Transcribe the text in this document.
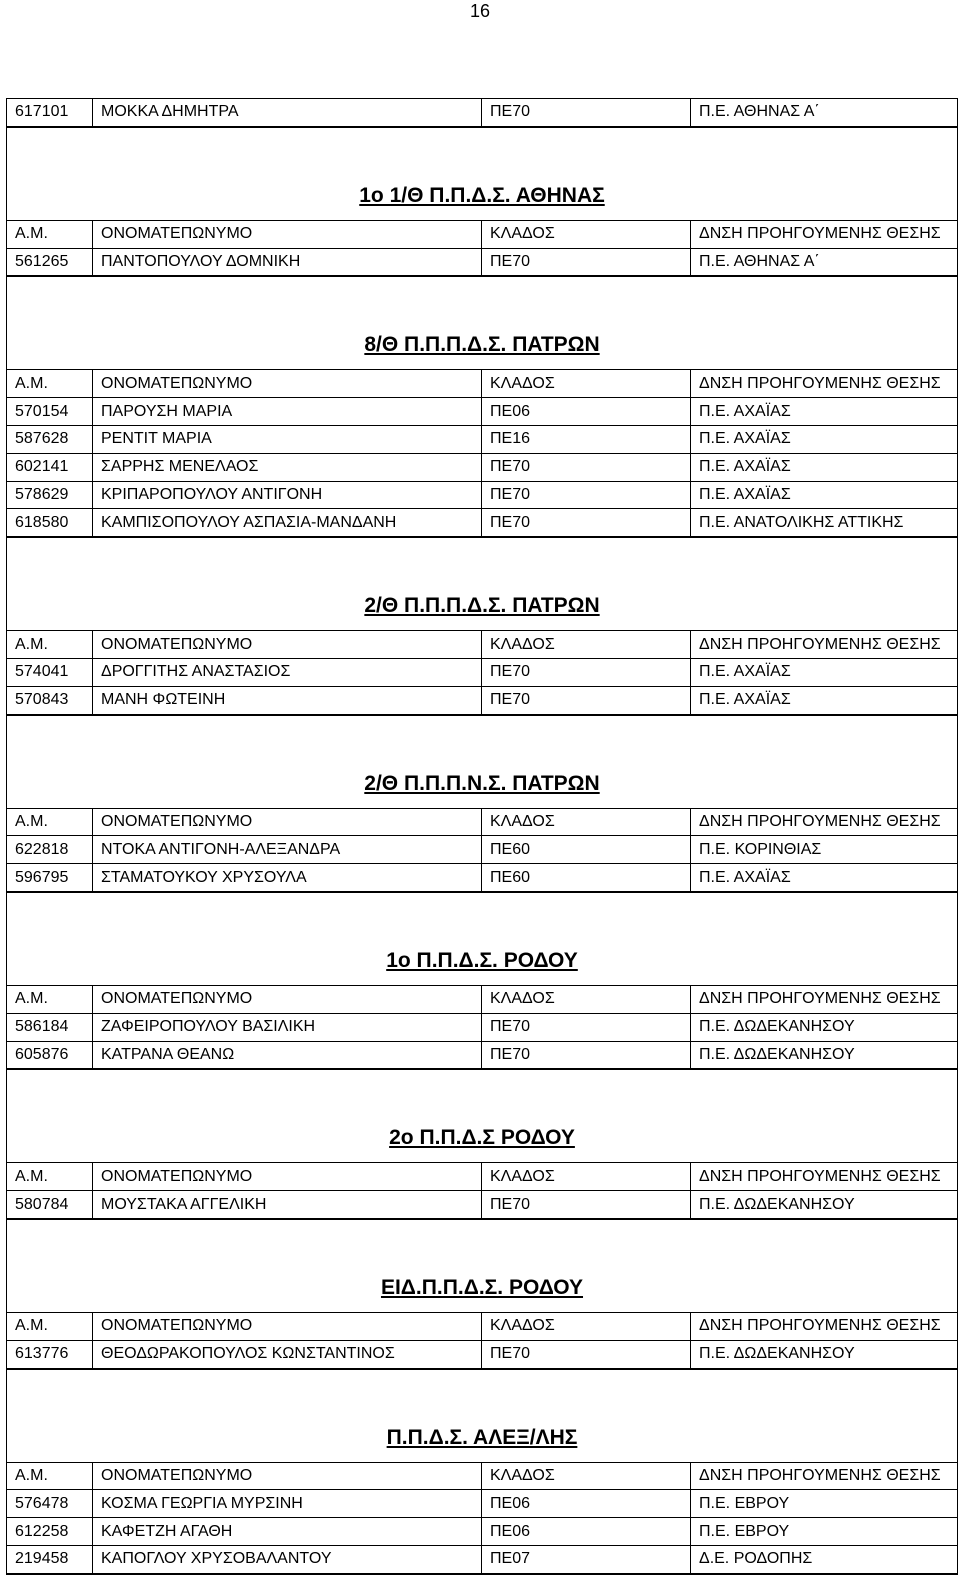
16
617101	ΜΟΚΚΑ ΔΗΜΗΤΡΑ	ΠΕ70	Π.Ε. ΑΘΗΝΑΣ Α΄
1ο 1/Θ Π.Π.Δ.Σ. ΑΘΗΝΑΣ
Α.Μ.	ΟΝΟΜΑΤΕΠΩΝΥΜΟ	ΚΛΑΔΟΣ	ΔΝΣΗ ΠΡΟΗΓΟΥΜΕΝΗΣ ΘΕΣΗΣ
561265	ΠΑΝΤΟΠΟΥΛΟΥ ΔΟΜΝΙΚΗ	ΠΕ70	Π.Ε. ΑΘΗΝΑΣ Α΄
8/Θ Π.Π.Π.Δ.Σ. ΠΑΤΡΩΝ
Α.Μ.	ΟΝΟΜΑΤΕΠΩΝΥΜΟ	ΚΛΑΔΟΣ	ΔΝΣΗ ΠΡΟΗΓΟΥΜΕΝΗΣ ΘΕΣΗΣ
570154	ΠΑΡΟΥΣΗ ΜΑΡΙΑ	ΠΕ06	Π.Ε. ΑΧΑΪΑΣ
587628	ΡΕΝΤΙΤ ΜΑΡΙΑ	ΠΕ16	Π.Ε. ΑΧΑΪΑΣ
602141	ΣΑΡΡΗΣ ΜΕΝΕΛΑΟΣ	ΠΕ70	Π.Ε. ΑΧΑΪΑΣ
578629	ΚΡΙΠΑΡΟΠΟΥΛΟΥ ΑΝΤΙΓΟΝΗ	ΠΕ70	Π.Ε. ΑΧΑΪΑΣ
618580	ΚΑΜΠΙΣΟΠΟΥΛΟΥ ΑΣΠΑΣΙΑ-ΜΑΝΔΑΝΗ	ΠΕ70	Π.Ε. ΑΝΑΤΟΛΙΚΗΣ ΑΤΤΙΚΗΣ
2/Θ Π.Π.Π.Δ.Σ. ΠΑΤΡΩΝ
Α.Μ.	ΟΝΟΜΑΤΕΠΩΝΥΜΟ	ΚΛΑΔΟΣ	ΔΝΣΗ ΠΡΟΗΓΟΥΜΕΝΗΣ ΘΕΣΗΣ
574041	ΔΡΟΓΓΙΤΗΣ ΑΝΑΣΤΑΣΙΟΣ	ΠΕ70	Π.Ε. ΑΧΑΪΑΣ
570843	ΜΑΝΗ ΦΩΤΕΙΝΗ	ΠΕ70	Π.Ε. ΑΧΑΪΑΣ
2/Θ Π.Π.Π.Ν.Σ. ΠΑΤΡΩΝ
Α.Μ.	ΟΝΟΜΑΤΕΠΩΝΥΜΟ	ΚΛΑΔΟΣ	ΔΝΣΗ ΠΡΟΗΓΟΥΜΕΝΗΣ ΘΕΣΗΣ
622818	ΝΤΟΚΑ ΑΝΤΙΓΟΝΗ-ΑΛΕΞΑΝΔΡΑ	ΠΕ60	Π.Ε. ΚΟΡΙΝΘΙΑΣ
596795	ΣΤΑΜΑΤΟΥΚΟΥ ΧΡΥΣΟΥΛΑ	ΠΕ60	Π.Ε. ΑΧΑΪΑΣ
1ο Π.Π.Δ.Σ. ΡΟΔΟΥ
Α.Μ.	ΟΝΟΜΑΤΕΠΩΝΥΜΟ	ΚΛΑΔΟΣ	ΔΝΣΗ ΠΡΟΗΓΟΥΜΕΝΗΣ ΘΕΣΗΣ
586184	ΖΑΦΕΙΡΟΠΟΥΛΟΥ ΒΑΣΙΛΙΚΗ	ΠΕ70	Π.Ε. ΔΩΔΕΚΑΝΗΣΟΥ
605876	ΚΑΤΡΑΝΑ ΘΕΑΝΩ	ΠΕ70	Π.Ε. ΔΩΔΕΚΑΝΗΣΟΥ
2ο Π.Π.Δ.Σ ΡΟΔΟΥ
Α.Μ.	ΟΝΟΜΑΤΕΠΩΝΥΜΟ	ΚΛΑΔΟΣ	ΔΝΣΗ ΠΡΟΗΓΟΥΜΕΝΗΣ ΘΕΣΗΣ
580784	ΜΟΥΣΤΑΚΑ ΑΓΓΕΛΙΚΗ	ΠΕ70	Π.Ε. ΔΩΔΕΚΑΝΗΣΟΥ
ΕΙΔ.Π.Π.Δ.Σ. ΡΟΔΟΥ
Α.Μ.	ΟΝΟΜΑΤΕΠΩΝΥΜΟ	ΚΛΑΔΟΣ	ΔΝΣΗ ΠΡΟΗΓΟΥΜΕΝΗΣ ΘΕΣΗΣ
613776	ΘΕΟΔΩΡΑΚΟΠΟΥΛΟΣ ΚΩΝΣΤΑΝΤΙΝΟΣ	ΠΕ70	Π.Ε. ΔΩΔΕΚΑΝΗΣΟΥ
Π.Π.Δ.Σ. ΑΛΕΞ/ΛΗΣ
Α.Μ.	ΟΝΟΜΑΤΕΠΩΝΥΜΟ	ΚΛΑΔΟΣ	ΔΝΣΗ ΠΡΟΗΓΟΥΜΕΝΗΣ ΘΕΣΗΣ
576478	ΚΟΣΜΑ ΓΕΩΡΓΙΑ ΜΥΡΣΙΝΗ	ΠΕ06	Π.Ε. ΕΒΡΟΥ
612258	ΚΑΦΕΤΖΗ ΑΓΑΘΗ	ΠΕ06	Π.Ε. ΕΒΡΟΥ
219458	ΚΑΠΟΓΛΟΥ ΧΡΥΣΟΒΑΛΑΝΤΟΥ	ΠΕ07	Δ.Ε. ΡΟΔΟΠΗΣ
